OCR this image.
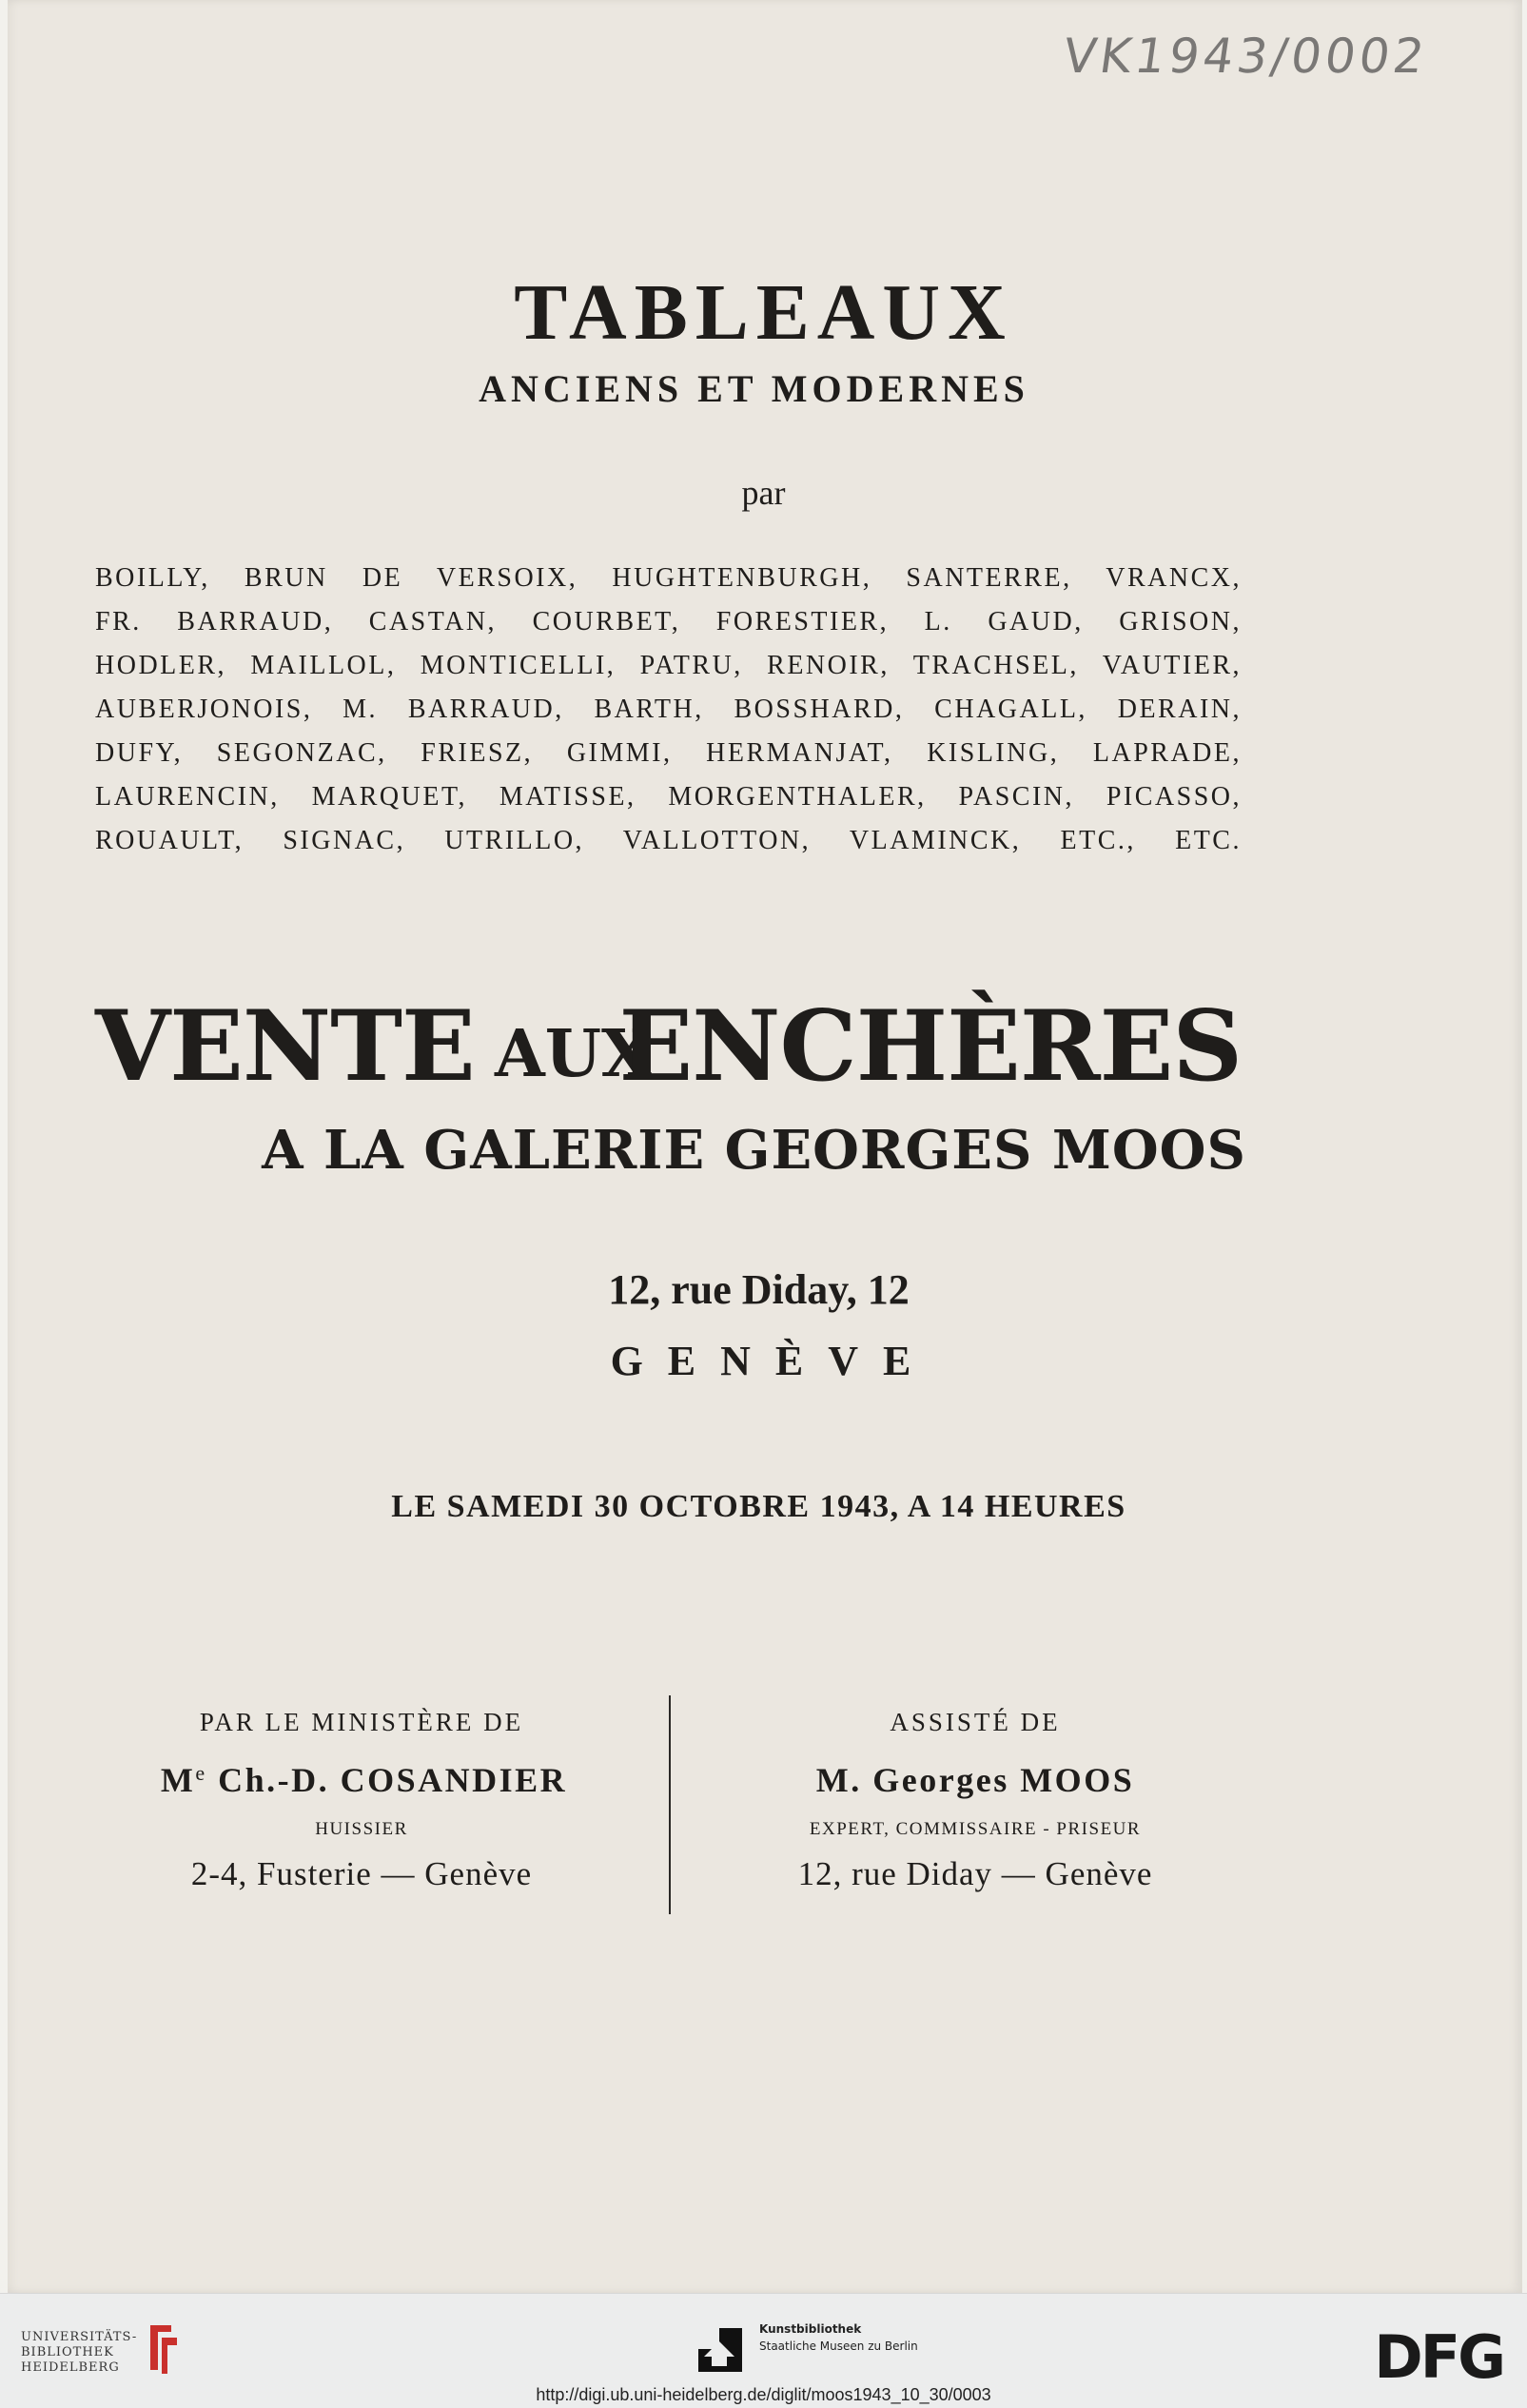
VK1943/0002
TABLEAUX
ANCIENS ET MODERNES
par
BOILLY, BRUN DE VERSOIX, HUGHTENBURGH, SANTERRE, VRANCX,
FR. BARRAUD, CASTAN, COURBET, FORESTIER, L. GAUD, GRISON,
HODLER, MAILLOL, MONTICELLI, PATRU, RENOIR, TRACHSEL, VAUTIER,
AUBERJONOIS, M. BARRAUD, BARTH, BOSSHARD, CHAGALL, DERAIN,
DUFY, SEGONZAC, FRIESZ, GIMMI, HERMANJAT, KISLING, LAPRADE,
LAURENCIN, MARQUET, MATISSE, MORGENTHALER, PASCIN, PICASSO,
ROUAULT, SIGNAC, UTRILLO, VALLOTTON, VLAMINCK, ETC., ETC.
VENTE AUX
ENCHÈRES
A LA GALERIE GEORGES MOOS
12, rue Diday, 12
GENÈVE
LE SAMEDI 30 OCTOBRE 1943, A 14 HEURES
PAR LE MINISTÈRE DE
Me Ch.-D. COSANDIER
HUISSIER
2-4, Fusterie — Genève
ASSISTÉ DE
M. Georges MOOS
EXPERT, COMMISSAIRE - PRISEUR
12, rue Diday — Genève
UNIVERSITÄTS-
BIBLIOTHEK
HEIDELBERG
Kunstbibliothek
Staatliche Museen zu Berlin	DFG
http://digi.ub.uni-heidelberg.de/diglit/moos1943_10_30/0003
